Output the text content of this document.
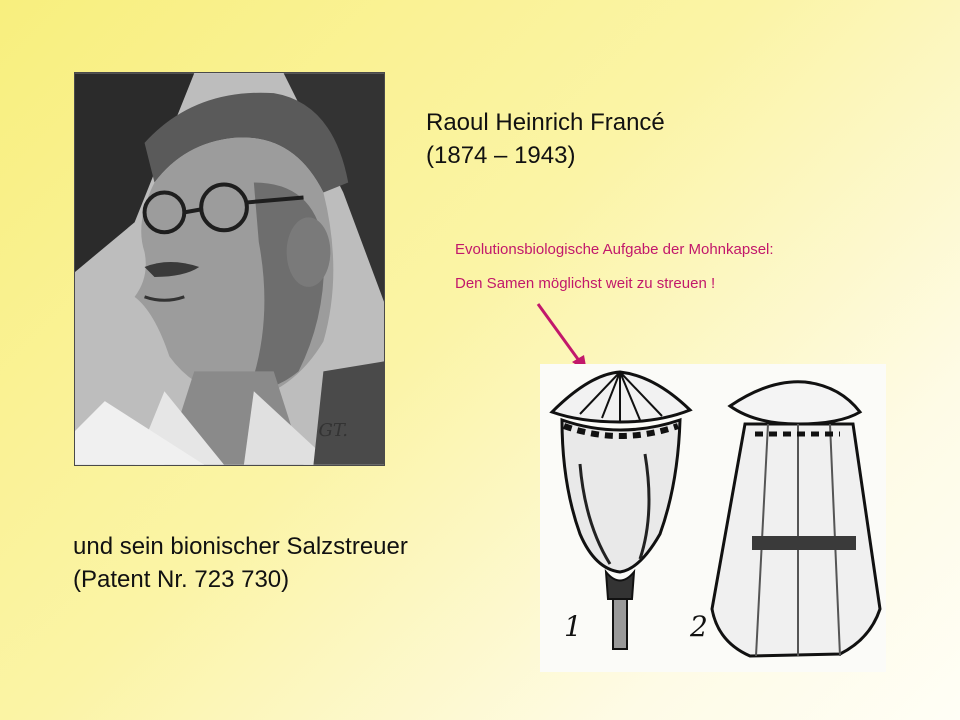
GT.
Raoul Heinrich Francé
(1874 – 1943)
Evolutionsbiologische Aufgabe der Mohnkapsel:
Den Samen möglichst weit zu streuen !
und sein bionischer Salzstreuer
(Patent Nr. 723 730)
1	2
